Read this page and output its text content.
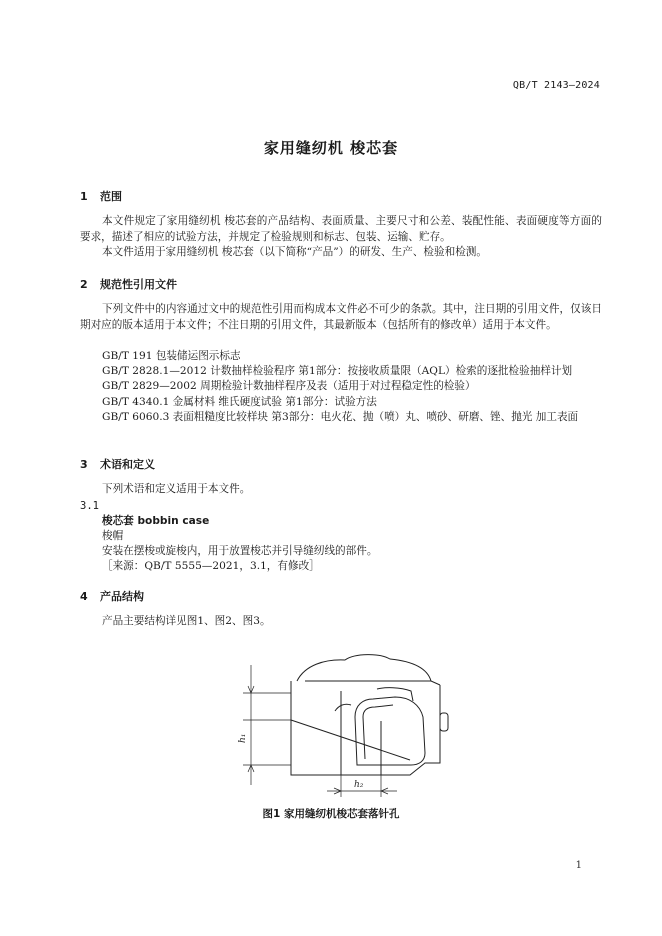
QB/T 2143—2024
家用缝纫机 梭芯套
1 范围
本文件规定了家用缝纫机 梭芯套的产品结构、表面质量、主要尺寸和公差、装配性能、表面硬度等方面的要求，描述了相应的试验方法，并规定了检验规则和标志、包装、运输、贮存。
本文件适用于家用缝纫机 梭芯套（以下简称“产品”）的研发、生产、检验和检测。
2 规范性引用文件
下列文件中的内容通过文中的规范性引用而构成本文件必不可少的条款。其中，注日期的引用文件，仅该日期对应的版本适用于本文件；不注日期的引用文件，其最新版本（包括所有的修改单）适用于本文件。
GB/T 191 包装储运图示标志
GB/T 2828.1—2012 计数抽样检验程序 第1部分：按接收质量限（AQL）检索的逐批检验抽样计划
GB/T 2829—2002 周期检验计数抽样程序及表（适用于对过程稳定性的检验）
GB/T 4340.1 金属材料 维氏硬度试验 第1部分：试验方法
GB/T 6060.3 表面粗糙度比较样块 第3部分：电火花、抛（喷）丸、喷砂、研磨、锉、抛光 加工表面
3 术语和定义
下列术语和定义适用于本文件。
3.1
梭芯套 bobbin case
梭帽
安装在摆梭或旋梭内，用于放置梭芯并引导缝纫线的部件。
［来源：QB/T 5555—2021，3.1，有修改］
4 产品结构
产品主要结构详见图1、图2、图3。
h₁
h₂
图1 家用缝纫机梭芯套落针孔
1
